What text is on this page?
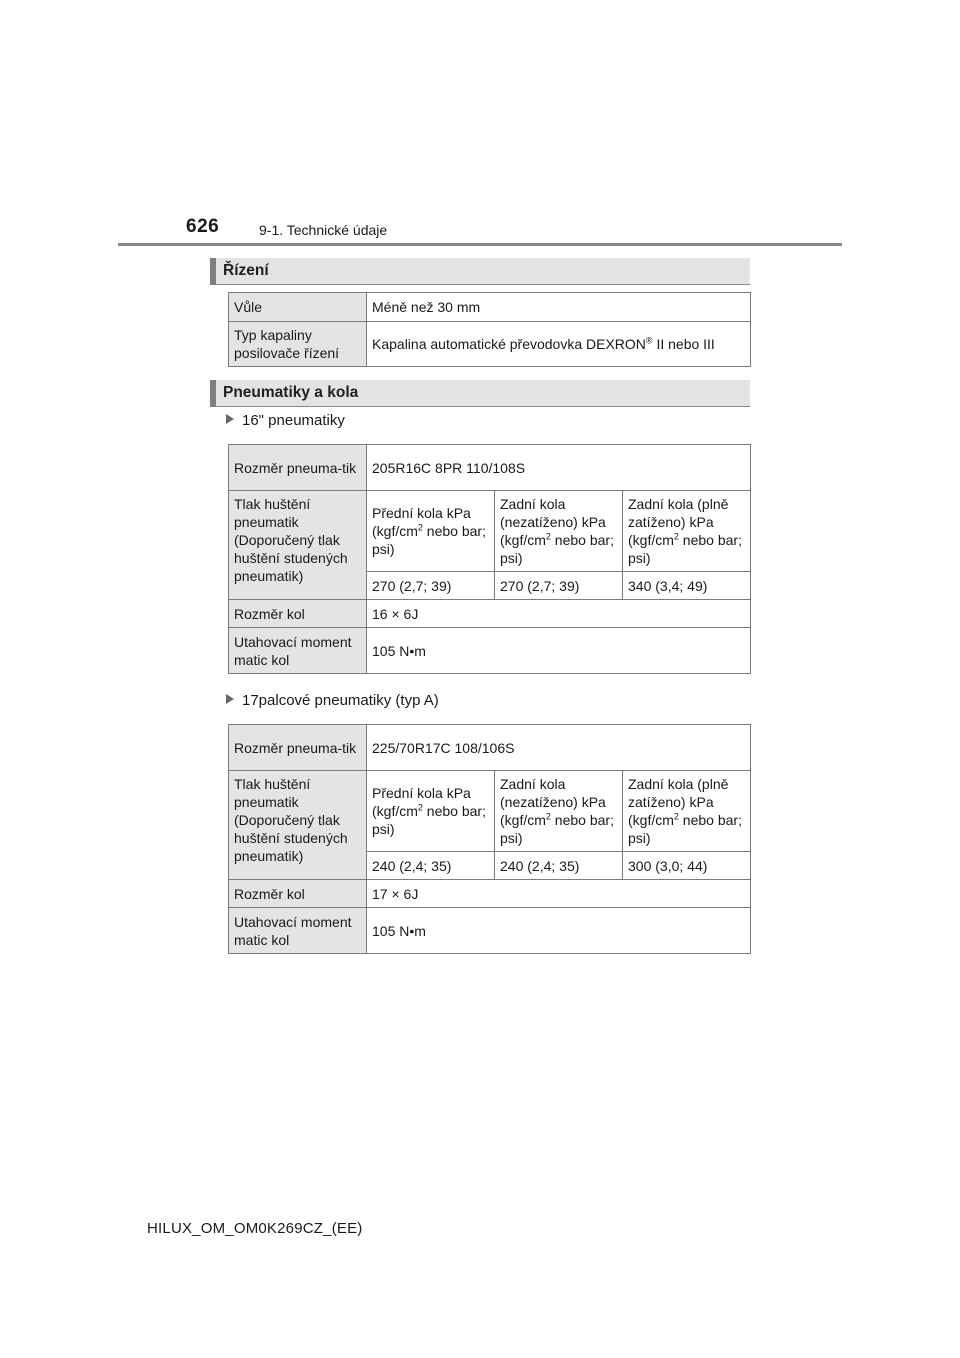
626	9-1. Technické údaje
Řízení
Vůle	Méně než 30 mm
Typ kapaliny posilovače řízení	Kapalina automatické převodovka DEXRON® II nebo III
Pneumatiky a kola
16" pneumatiky
Rozměr pneuma-tik	205R16C 8PR 110/108S		
Tlak huštění pneumatik (Doporučený tlak huštění studených pneumatik)	Přední kola kPa ($kgf/cm^2$ nebo bar; psi)	Zadní kola (nezatíženo) kPa ($kgf/cm^2$ nebo bar; psi)	Zadní kola (plně zatíženo) kPa ($kgf/cm^2$ nebo bar; psi)
	270 (2,7; 39)	270 (2,7; 39)	340 (3,4; 49)
Rozměr kol	16 × 6J		
Utahovací moment matic kol	105 N•m		
17palcové pneumatiky (typ A)
Rozměr pneuma-tik	225/70R17C 108/106S		
Tlak huštění pneumatik (Doporučený tlak huštění studených pneumatik)	Přední kola kPa ($kgf/cm^2$ nebo bar; psi)	Zadní kola (nezatíženo) kPa ($kgf/cm^2$ nebo bar; psi)	Zadní kola (plně zatíženo) kPa ($kgf/cm^2$ nebo bar; psi)
	240 (2,4; 35)	240 (2,4; 35)	300 (3,0; 44)
Rozměr kol	17 × 6J		
Utahovací moment matic kol	105 N•m		
HILUX_OM_OM0K269CZ_(EE)
